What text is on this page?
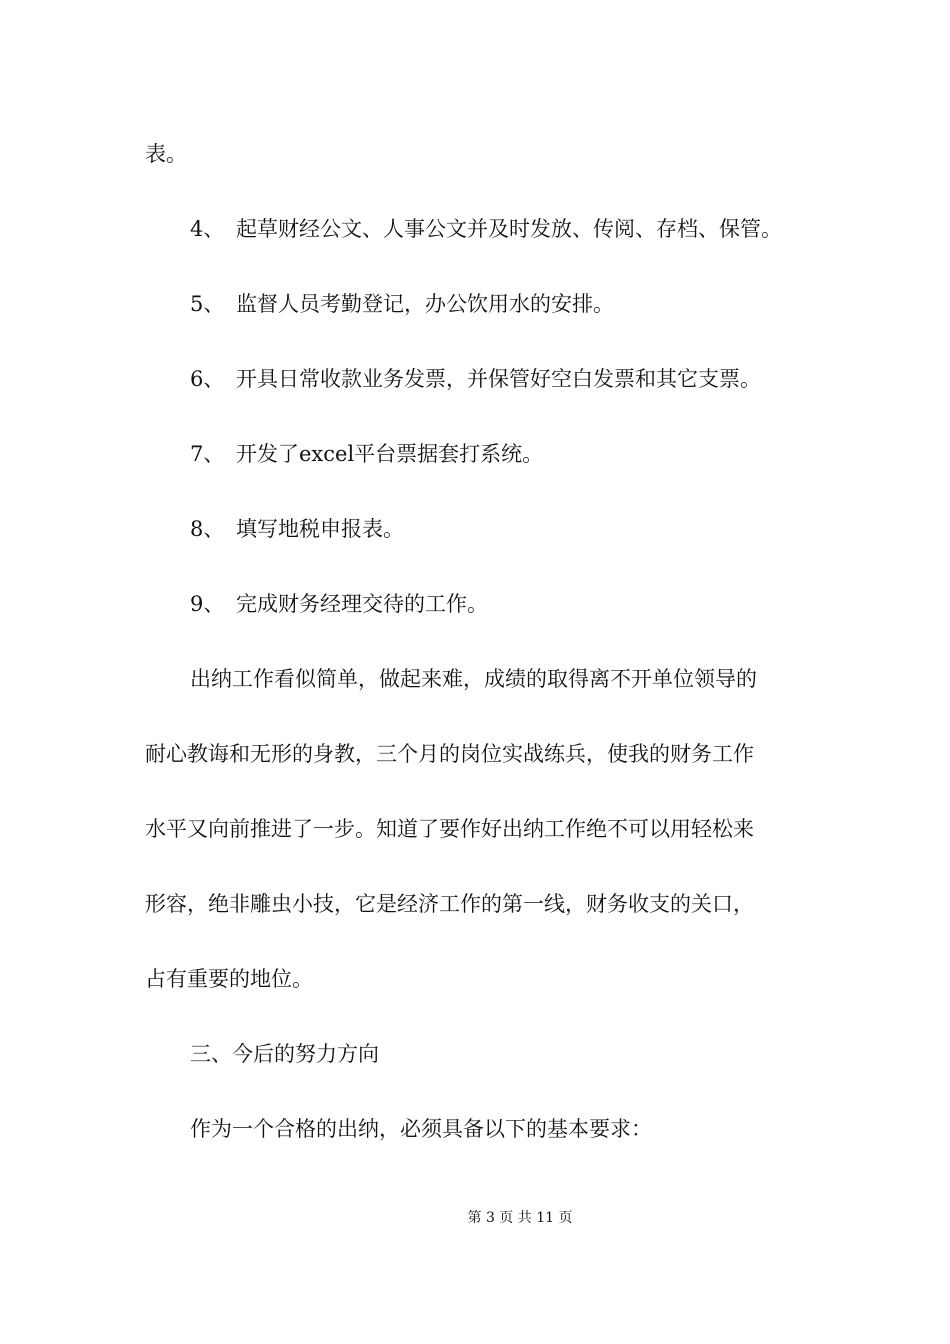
表。
4、 起草财经公文、人事公文并及时发放、传阅、存档、保管。
5、 监督人员考勤登记，办公饮用水的安排。
6、 开具日常收款业务发票，并保管好空白发票和其它支票。
7、 开发了excel平台票据套打系统。
8、 填写地税申报表。
9、 完成财务经理交待的工作。
出纳工作看似简单，做起来难，成绩的取得离不开单位领导的
耐心教诲和无形的身教，三个月的岗位实战练兵，使我的财务工作
水平又向前推进了一步。知道了要作好出纳工作绝不可以用轻松来
形容，绝非雕虫小技，它是经济工作的第一线，财务收支的关口，
占有重要的地位。
三、今后的努力方向
作为一个合格的出纳，必须具备以下的基本要求：
第 3 页 共 11 页
